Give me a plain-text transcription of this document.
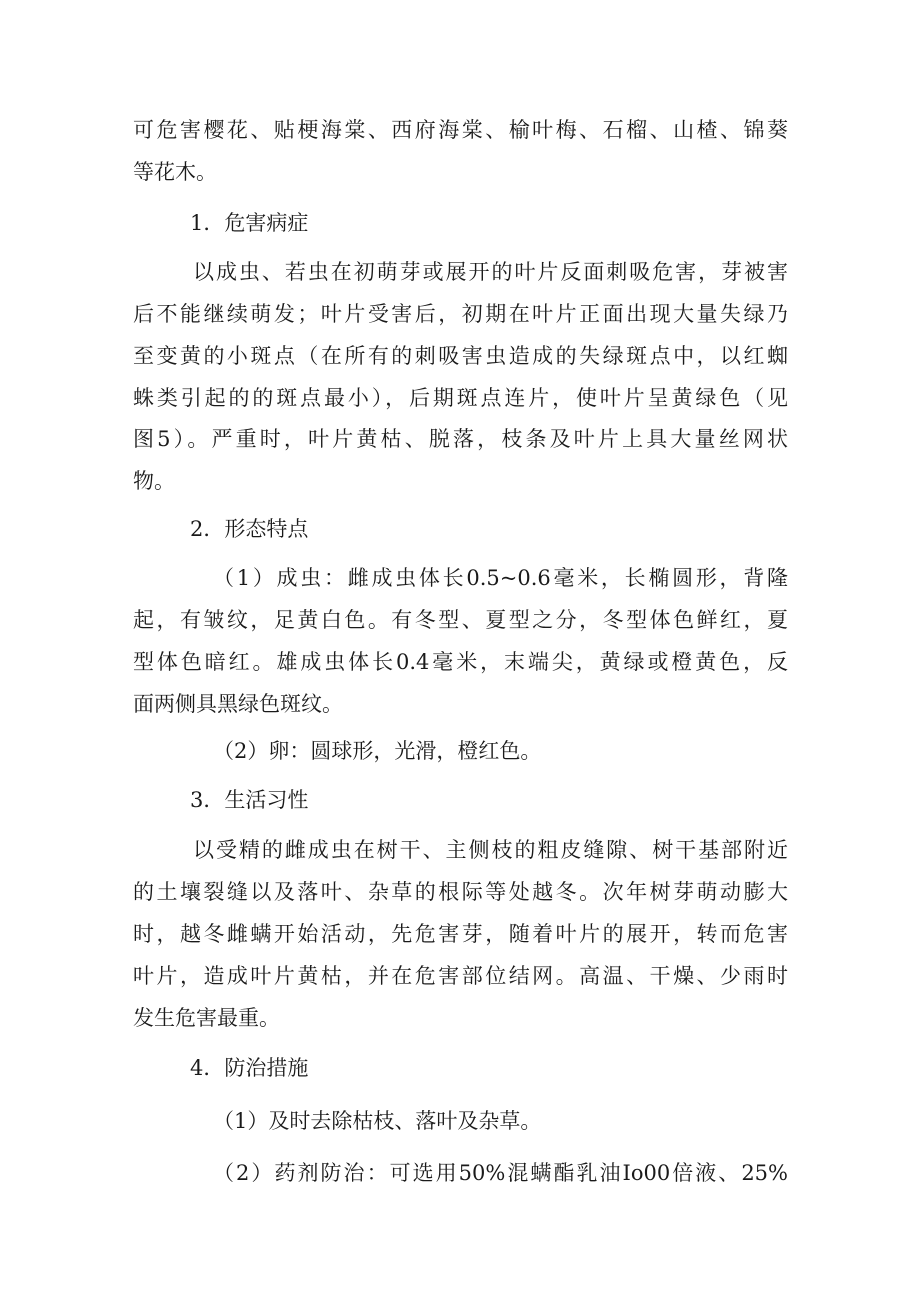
可危害樱花、贴梗海棠、西府海棠、榆叶梅、石榴、山楂、锦葵
等花木。
1．危害病症
以成虫、若虫在初萌芽或展开的叶片反面刺吸危害，芽被害
后不能继续萌发；叶片受害后，初期在叶片正面出现大量失绿乃
至变黄的小斑点（在所有的刺吸害虫造成的失绿斑点中，以红蜘
蛛类引起的的斑点最小），后期斑点连片，使叶片呈黄绿色（见
图5）。严重时，叶片黄枯、脱落，枝条及叶片上具大量丝网状
物。
2．形态特点
（1）成虫：雌成虫体长0.5~0.6毫米，长椭圆形，背隆
起，有皱纹，足黄白色。有冬型、夏型之分，冬型体色鲜红，夏
型体色暗红。雄成虫体长0.4毫米，末端尖，黄绿或橙黄色，反
面两侧具黑绿色斑纹。
（2）卵：圆球形，光滑，橙红色。
3．生活习性
以受精的雌成虫在树干、主侧枝的粗皮缝隙、树干基部附近
的土壤裂缝以及落叶、杂草的根际等处越冬。次年树芽萌动膨大
时，越冬雌螨开始活动，先危害芽，随着叶片的展开，转而危害
叶片，造成叶片黄枯，并在危害部位结网。高温、干燥、少雨时
发生危害最重。
4．防治措施
（1）及时去除枯枝、落叶及杂草。
（2）药剂防治：可选用50%混螨酯乳油Io00倍液、25%
